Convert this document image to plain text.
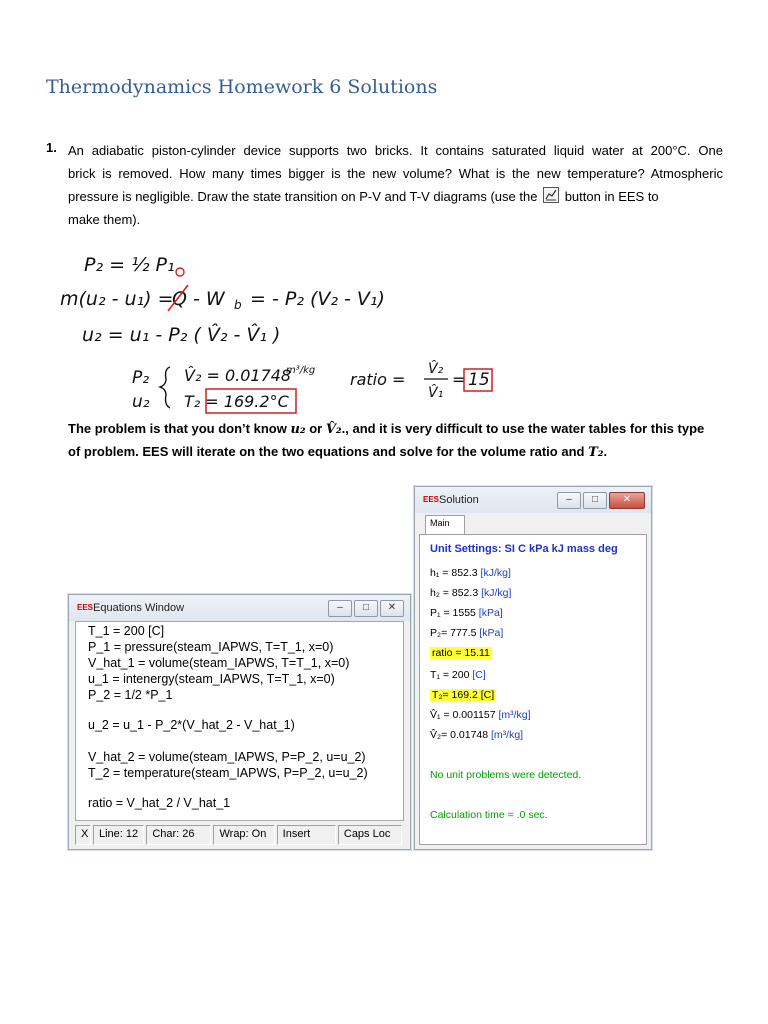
Thermodynamics Homework 6 Solutions
1. An adiabatic piston-cylinder device supports two bricks. It contains saturated liquid water at 200°C. One
brick is removed. How many times bigger is the new volume? What is the new temperature? Atmospheric
pressure is negligible. Draw the state transition on P-V and T-V diagrams (use the button in EES to
make them).
P₂ = ½ P₁
m(u₂ - u₁) =
Q - W b = - P₂ (V₂ - V₁)
u₂ = u₁ - P₂ ( V̂₂ - V̂₁ )
P₂
u₂
V̂₂ = 0.01748
m³/kg
T₂ = 169.2°C
ratio =
V̂₂
V̂₁
= 15
The problem is that you don’t know u₂ or V̂₂., and it is very difficult to use the water tables for this type
of problem. EES will iterate on the two equations and solve for the volume ratio and T₂.
EES Equations Window	–	□	✕
T_1 = 200 [C]
P_1 = pressure(steam_IAPWS, T=T_1, x=0)
V_hat_1 = volume(steam_IAPWS, T=T_1, x=0)
u_1 = intenergy(steam_IAPWS, T=T_1, x=0)
P_2 = 1/2 *P_1
u_2 = u_1 - P_2*(V_hat_2 - V_hat_1)
V_hat_2 = volume(steam_IAPWS, P=P_2, u=u_2)
T_2 = temperature(steam_IAPWS, P=P_2, u=u_2)
ratio = V_hat_2 / V_hat_1
X Line: 12	Char: 26	Wrap: On	Insert	Caps Loc
EES Solution	–	□	✕
Main
Unit Settings: SI C kPa kJ mass deg
h₁ = 852.3 [kJ/kg]
h₂ = 852.3 [kJ/kg]
P₁ = 1555 [kPa]
P₂= 777.5 [kPa]
ratio = 15.11
T₁ = 200 [C]
T₂= 169.2 [C]
V̂₁ = 0.001157 [m³/kg]
V̂₂= 0.01748 [m³/kg]
No unit problems were detected.
Calculation time = .0 sec.
